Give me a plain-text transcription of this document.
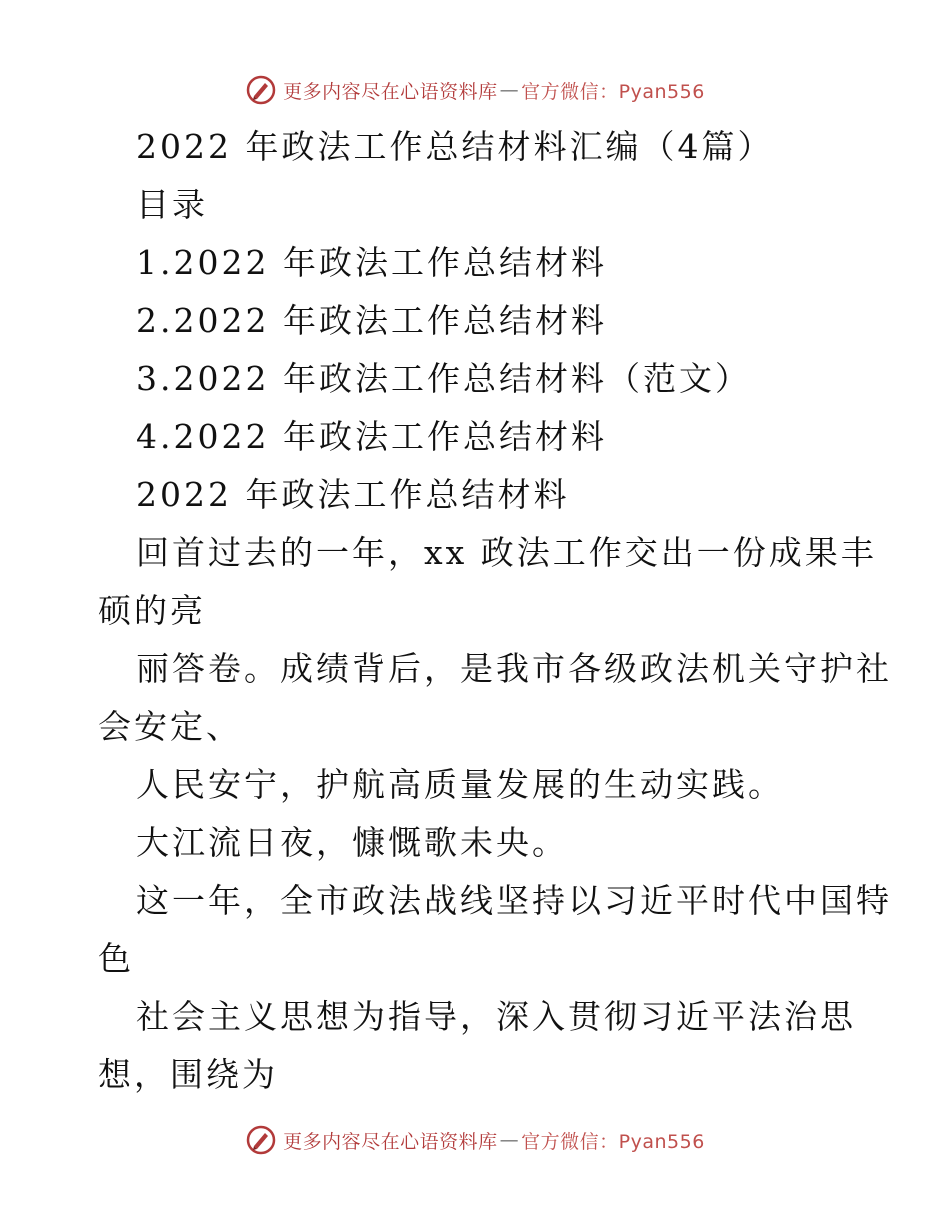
更多内容尽在心语资料库 — 官方微信：Pyan556
2022 年政法工作总结材料汇编（4篇）
目录
1.2022 年政法工作总结材料
2.2022 年政法工作总结材料
3.2022 年政法工作总结材料（范文）
4.2022 年政法工作总结材料
2022 年政法工作总结材料
回首过去的一年，xx 政法工作交出一份成果丰
硕的亮
丽答卷。成绩背后，是我市各级政法机关守护社
会安定、
人民安宁，护航高质量发展的生动实践。
大江流日夜，慷慨歌未央。
这一年，全市政法战线坚持以习近平时代中国特
色
社会主义思想为指导，深入贯彻习近平法治思
想，围绕为
更多内容尽在心语资料库 — 官方微信：Pyan556
